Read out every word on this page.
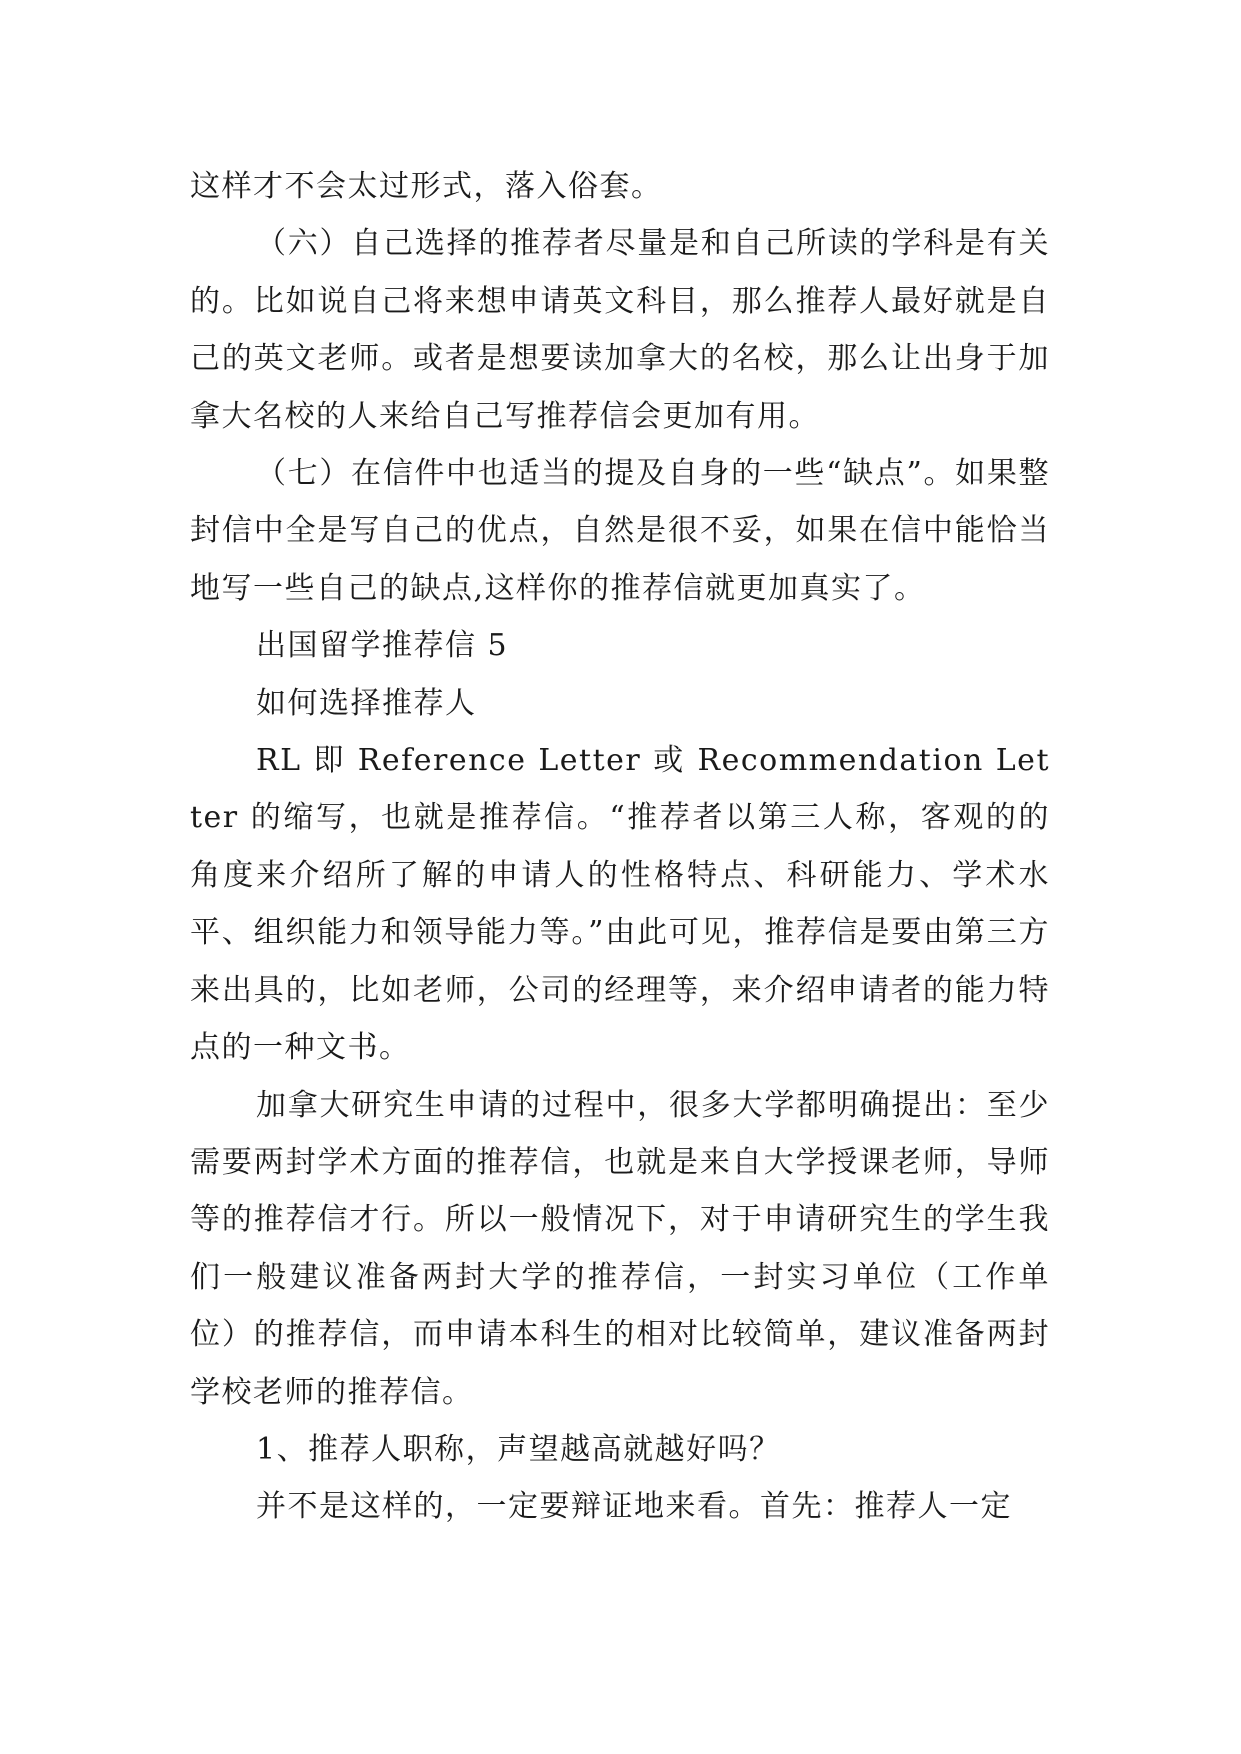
这样才不会太过形式，落入俗套。

（六）自己选择的推荐者尽量是和自己所读的学科是有关的。比如说自己将来想申请英文科目，那么推荐人最好就是自己的英文老师。或者是想要读加拿大的名校，那么让出身于加拿大名校的人来给自己写推荐信会更加有用。

（七）在信件中也适当的提及自身的一些“缺点”。如果整封信中全是写自己的优点，自然是很不妥，如果在信中能恰当地写一些自己的缺点,这样你的推荐信就更加真实了。

出国留学推荐信 5

如何选择推荐人

RL 即 Reference Letter 或 Recommendation Letter 的缩写，也就是推荐信。“推荐者以第三人称，客观的的角度来介绍所了解的申请人的性格特点、科研能力、学术水平、组织能力和领导能力等。”由此可见，推荐信是要由第三方来出具的，比如老师，公司的经理等，来介绍申请者的能力特点的一种文书。

加拿大研究生申请的过程中，很多大学都明确提出：至少需要两封学术方面的推荐信，也就是来自大学授课老师，导师等的推荐信才行。所以一般情况下，对于申请研究生的学生我们一般建议准备两封大学的推荐信，一封实习单位（工作单位）的推荐信，而申请本科生的相对比较简单，建议准备两封学校老师的推荐信。

1、推荐人职称，声望越高就越好吗？

并不是这样的，一定要辩证地来看。首先：推荐人一定
